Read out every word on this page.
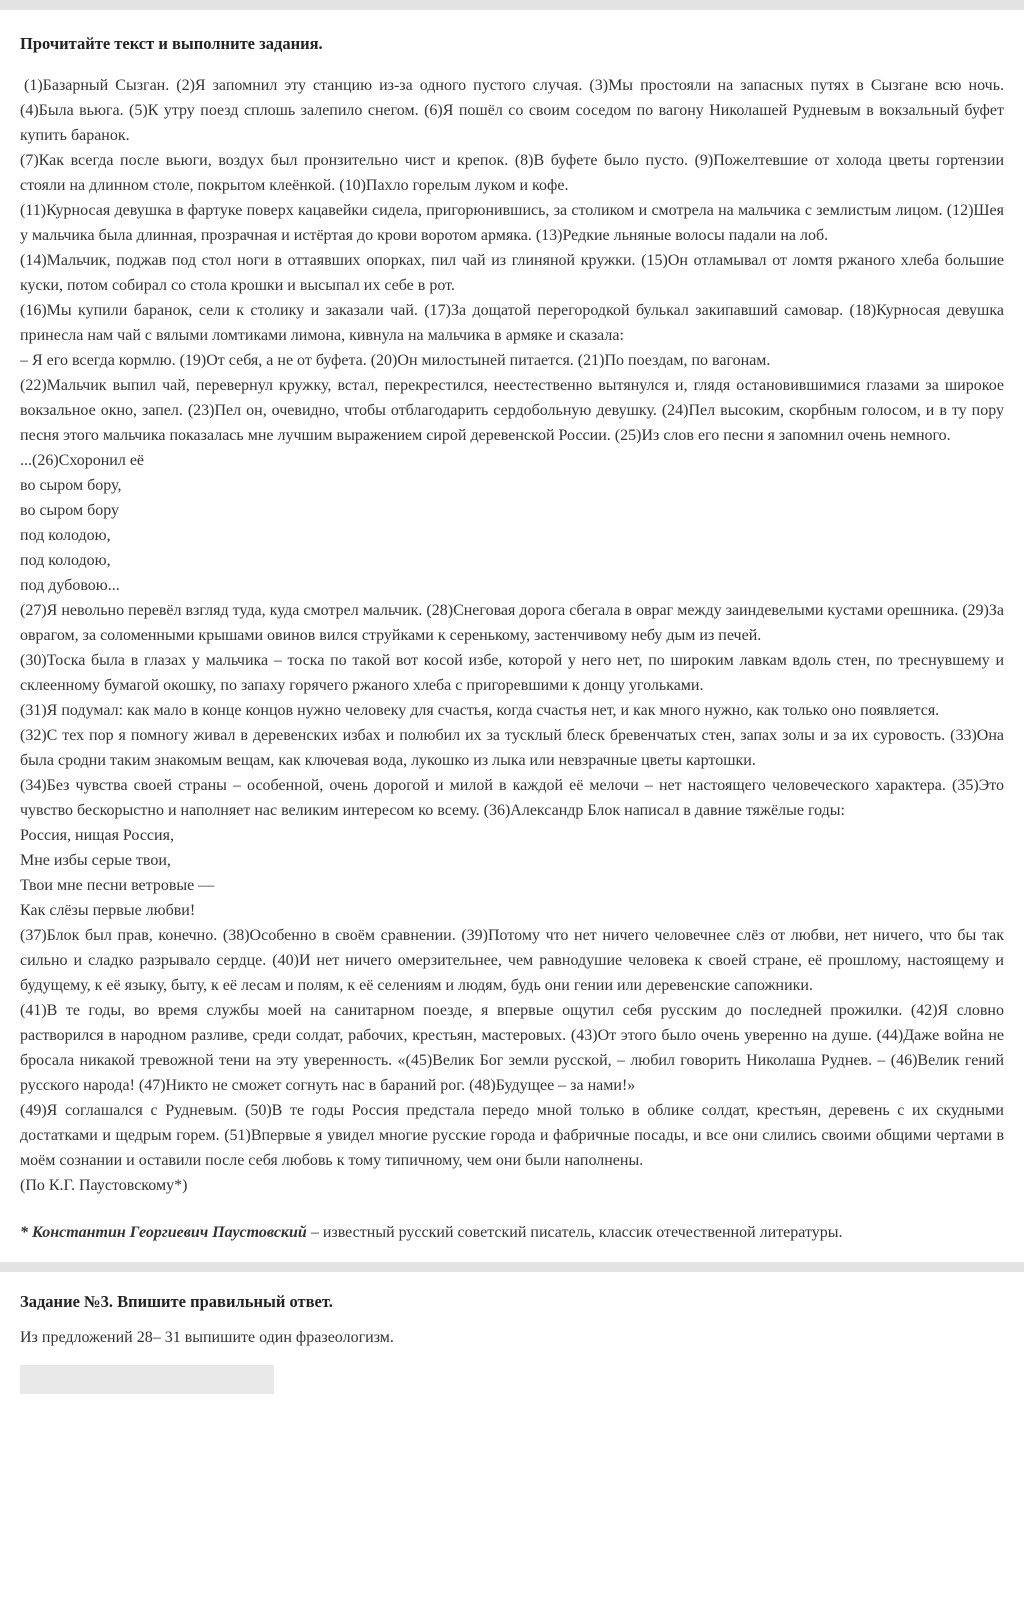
Прочитайте текст и выполните задания.

(1)Базарный Сызган. (2)Я запомнил эту станцию из-за одного пустого случая. (3)Мы простояли на запасных путях в Сызгане всю ночь. (4)Была вьюга. (5)К утру поезд сплошь залепило снегом. (6)Я пошёл со своим соседом по вагону Николашей Рудневым в вокзальный буфет купить баранок.

(7)Как всегда после вьюги, воздух был пронзительно чист и крепок. (8)В буфете было пусто. (9)Пожелтевшие от холода цветы гортензии стояли на длинном столе, покрытом клеёнкой. (10)Пахло горелым луком и кофе.

(11)Курносая девушка в фартуке поверх кацавейки сидела, пригорюнившись, за столиком и смотрела на мальчика с землистым лицом. (12)Шея у мальчика была длинная, прозрачная и истёртая до крови воротом армяка. (13)Редкие льняные волосы падали на лоб.

(14)Мальчик, поджав под стол ноги в оттаявших опорках, пил чай из глиняной кружки. (15)Он отламывал от ломтя ржаного хлеба большие куски, потом собирал со стола крошки и высыпал их себе в рот.

(16)Мы купили баранок, сели к столику и заказали чай. (17)За дощатой перегородкой булькал закипавший самовар. (18)Курносая девушка принесла нам чай с вялыми ломтиками лимона, кивнула на мальчика в армяке и сказала:

– Я его всегда кормлю. (19)От себя, а не от буфета. (20)Он милостыней питается. (21)По поездам, по вагонам.

(22)Мальчик выпил чай, перевернул кружку, встал, перекрестился, неестественно вытянулся и, глядя остановившимися глазами за широкое вокзальное окно, запел. (23)Пел он, очевидно, чтобы отблагодарить сердобольную девушку. (24)Пел высоким, скорбным голосом, и в ту пору песня этого мальчика показалась мне лучшим выражением сирой деревенской России. (25)Из слов его песни я запомнил очень немного.

...(26)Схоронил её

во сыром бору,

во сыром бору

под колодою,

под колодою,

под дубовою...

(27)Я невольно перевёл взгляд туда, куда смотрел мальчик. (28)Снеговая дорога сбегала в овраг между заиндевелыми кустами орешника. (29)За оврагом, за соломенными крышами овинов вился струйками к серенькому, застенчивому небу дым из печей.

(30)Тоска была в глазах у мальчика – тоска по такой вот косой избе, которой у него нет, по широким лавкам вдоль стен, по треснувшему и склеенному бумагой окошку, по запаху горячего ржаного хлеба с пригоревшими к донцу угольками.

(31)Я подумал: как мало в конце концов нужно человеку для счастья, когда счастья нет, и как много нужно, как только оно появляется.

(32)С тех пор я помногу живал в деревенских избах и полюбил их за тусклый блеск бревенчатых стен, запах золы и за их суровость. (33)Она была сродни таким знакомым вещам, как ключевая вода, лукошко из лыка или невзрачные цветы картошки.

(34)Без чувства своей страны – особенной, очень дорогой и милой в каждой её мелочи – нет настоящего человеческого характера. (35)Это чувство бескорыстно и наполняет нас великим интересом ко всему. (36)Александр Блок написал в давние тяжёлые годы:

Россия, нищая Россия,

Мне избы серые твои,

Твои мне песни ветровые —

Как слёзы первые любви!

(37)Блок был прав, конечно. (38)Особенно в своём сравнении. (39)Потому что нет ничего человечнее слёз от любви, нет ничего, что бы так сильно и сладко разрывало сердце. (40)И нет ничего омерзительнее, чем равнодушие человека к своей стране, её прошлому, настоящему и будущему, к её языку, быту, к её лесам и полям, к её селениям и людям, будь они гении или деревенские сапожники.

(41)В те годы, во время службы моей на санитарном поезде, я впервые ощутил себя русским до последней прожилки. (42)Я словно растворился в народном разливе, среди солдат, рабочих, крестьян, мастеровых. (43)От этого было очень уверенно на душе. (44)Даже война не бросала никакой тревожной тени на эту уверенность. «(45)Велик Бог земли русской, – любил говорить Николаша Руднев. – (46)Велик гений русского народа! (47)Никто не сможет согнуть нас в бараний рог. (48)Будущее – за нами!»

(49)Я соглашался с Рудневым. (50)В те годы Россия предстала передо мной только в облике солдат, крестьян, деревень с их скудными достатками и щедрым горем. (51)Впервые я увидел многие русские города и фабричные посады, и все они слились своими общими чертами в моём сознании и оставили после себя любовь к тому типичному, чем они были наполнены.

(По К.Г. Паустовскому*)

* Константин Георгиевич Паустовский – известный русский советский писатель, классик отечественной литературы.

Задание №3. Впишите правильный ответ.
Из предложений 28– 31 выпишите один фразеологизм.
